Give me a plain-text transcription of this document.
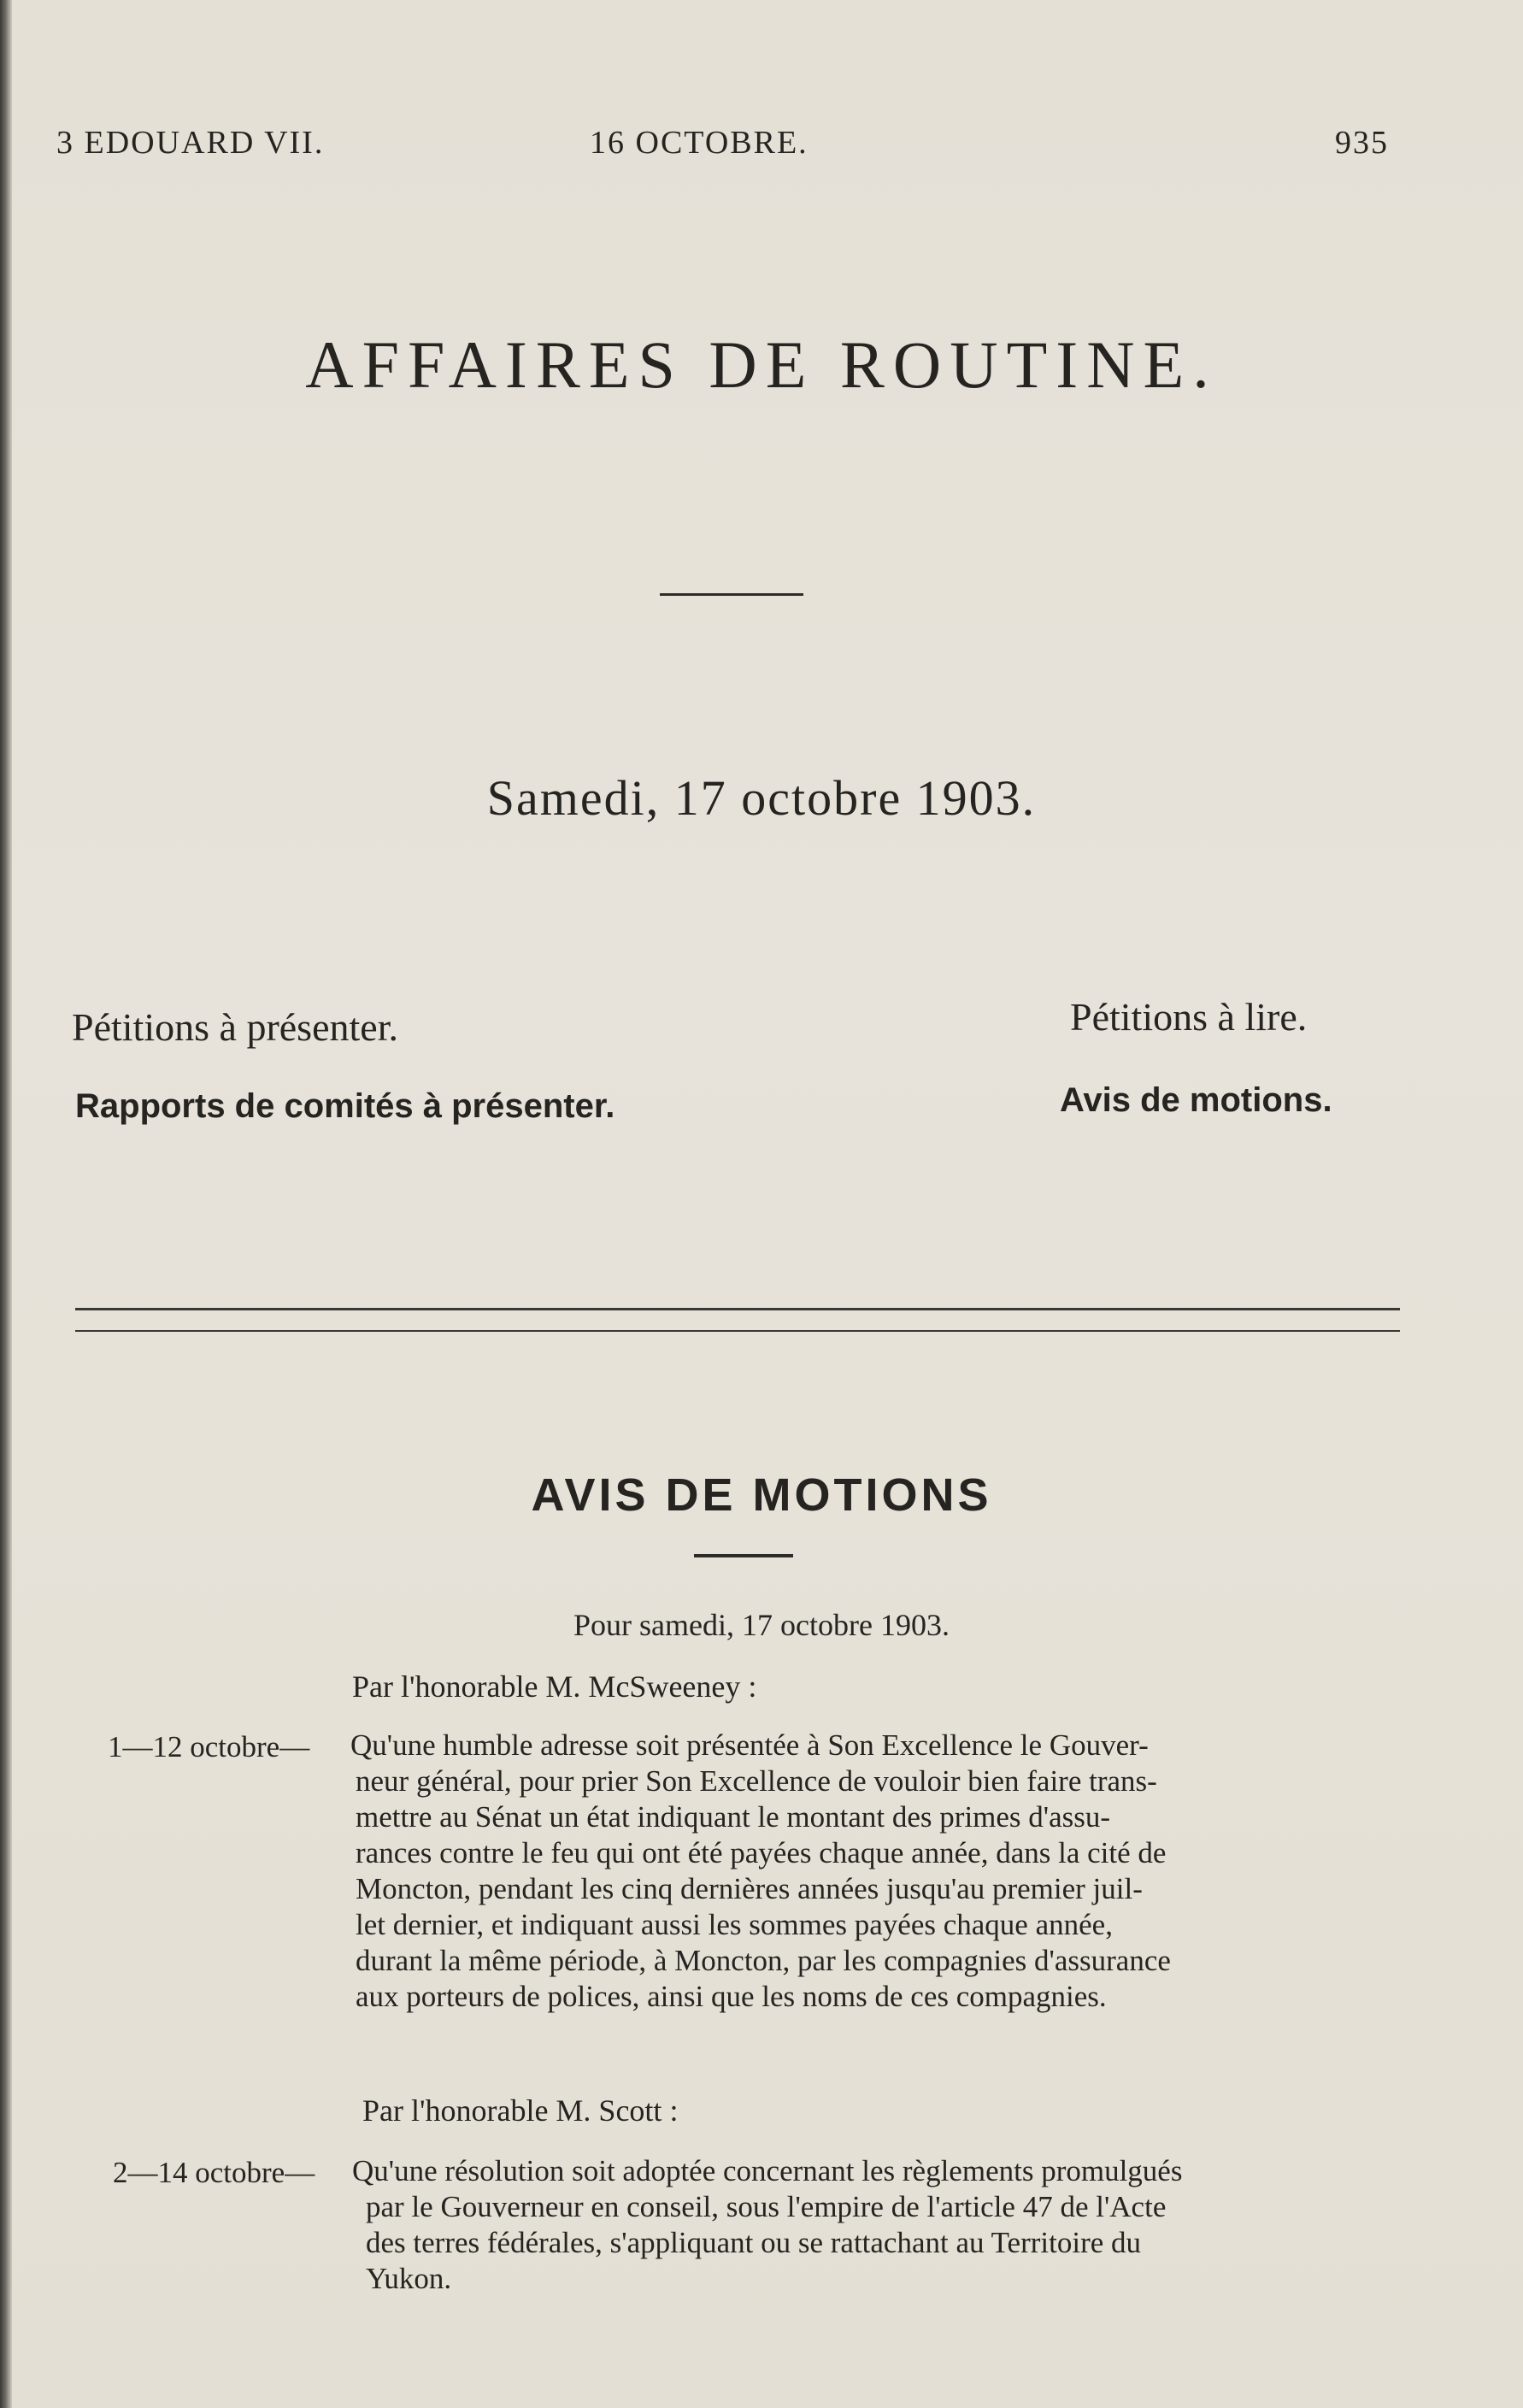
3 EDOUARD VII.	16 OCTOBRE.	935
AFFAIRES DE ROUTINE.
Samedi, 17 octobre 1903.
Pétitions à présenter.	Pétitions à lire.
Rapports de comités à présenter.	Avis de motions.
AVIS DE MOTIONS
Pour samedi, 17 octobre 1903.
Par l'honorable M. McSweeney :
1—12 octobre— Qu'une humble adresse soit présentée à Son Excellence le Gouver-
neur général, pour prier Son Excellence de vouloir bien faire trans-
mettre au Sénat un état indiquant le montant des primes d'assu-
rances contre le feu qui ont été payées chaque année, dans la cité de
Moncton, pendant les cinq dernières années jusqu'au premier juil-
let dernier, et indiquant aussi les sommes payées chaque année,
durant la même période, à Moncton, par les compagnies d'assurance
aux porteurs de polices, ainsi que les noms de ces compagnies.
Par l'honorable M. Scott :
2—14 octobre— Qu'une résolution soit adoptée concernant les règlements promulgués
par le Gouverneur en conseil, sous l'empire de l'article 47 de l'Acte
des terres fédérales, s'appliquant ou se rattachant au Territoire du
Yukon.
